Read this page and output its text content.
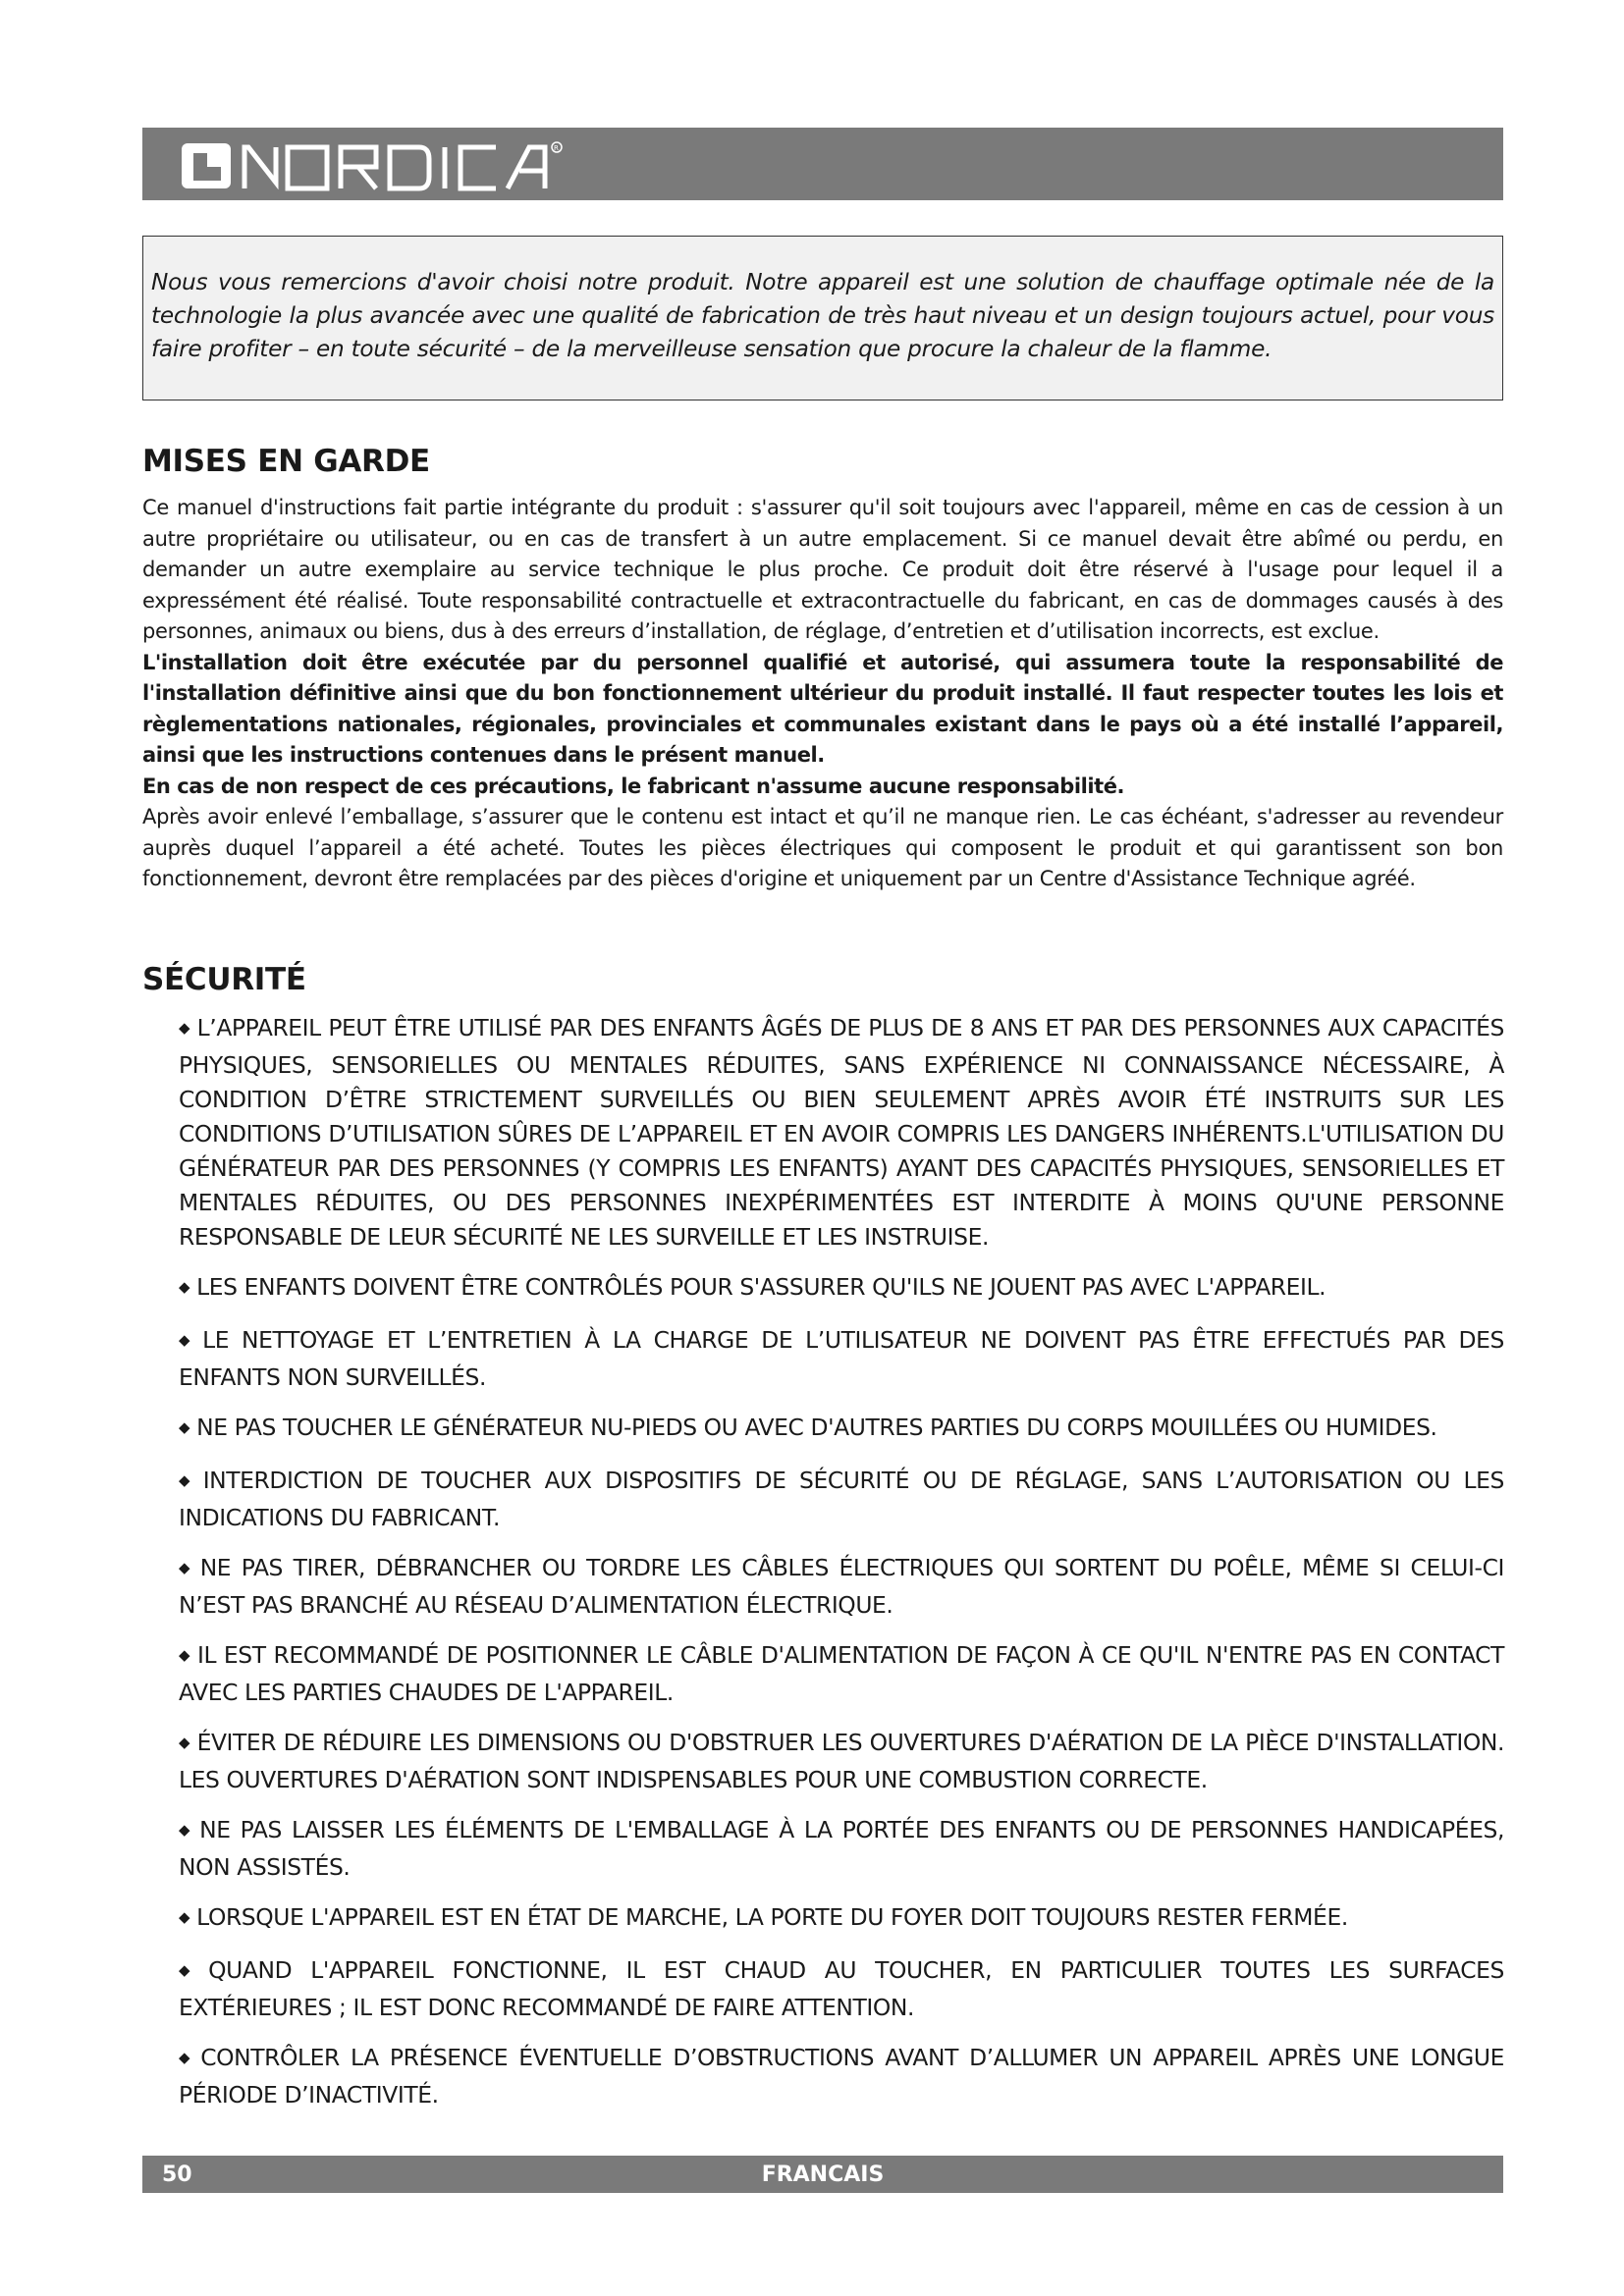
R

Nous vous remercions d'avoir choisi notre produit. Notre appareil est une solution de chauffage optimale née de la technologie la plus avancée avec une qualité de fabrication de très haut niveau et un design toujours actuel, pour vous faire profiter – en toute sécurité – de la merveilleuse sensation que procure la chaleur de la flamme.

MISES EN GARDE

Ce manuel d'instructions fait partie intégrante du produit : s'assurer qu'il soit toujours avec l'appareil, même en cas de cession à un autre propriétaire ou utilisateur, ou en cas de transfert à un autre emplacement. Si ce manuel devait être abîmé ou perdu, en demander un autre exemplaire au service technique le plus proche. Ce produit doit être réservé à l'usage pour lequel il a expressément été réalisé. Toute responsabilité contractuelle et extracontractuelle du fabricant, en cas de dommages causés à des personnes, animaux ou biens, dus à des erreurs d’installation, de réglage, d’entretien et d’utilisation incorrects, est exclue.

L'installation doit être exécutée par du personnel qualifié et autorisé, qui assumera toute la responsabilité de l'installation définitive ainsi que du bon fonctionnement ultérieur du produit installé. Il faut respecter toutes les lois et règlementations nationales, régionales, provinciales et communales existant dans le pays où a été installé l’appareil, ainsi que les instructions contenues dans le présent manuel.

En cas de non respect de ces précautions, le fabricant n'assume aucune responsabilité.

Après avoir enlevé l’emballage, s’assurer que le contenu est intact et qu’il ne manque rien. Le cas échéant, s'adresser au revendeur auprès duquel l’appareil a été acheté. Toutes les pièces électriques qui composent le produit et qui garantissent son bon fonctionnement, devront être remplacées par des pièces d'origine et uniquement par un Centre d'Assistance Technique agréé.

SÉCURITÉ
◆ L’APPAREIL PEUT ÊTRE UTILISÉ PAR DES ENFANTS ÂGÉS DE PLUS DE 8 ANS ET PAR DES PERSONNES AUX CAPACITÉS PHYSIQUES, SENSORIELLES OU MENTALES RÉDUITES, SANS EXPÉRIENCE NI CONNAISSANCE NÉCESSAIRE, À CONDITION D’ÊTRE STRICTEMENT SURVEILLÉS OU BIEN SEULEMENT APRÈS AVOIR ÉTÉ INSTRUITS SUR LES CONDITIONS D’UTILISATION SÛRES DE L’APPAREIL ET EN AVOIR COMPRIS LES DANGERS INHÉRENTS.L'UTILISATION DU GÉNÉRATEUR PAR DES PERSONNES (Y COMPRIS LES ENFANTS) AYANT DES CAPACITÉS PHYSIQUES, SENSORIELLES ET MENTALES RÉDUITES, OU DES PERSONNES INEXPÉRIMENTÉES EST INTERDITE À MOINS QU'UNE PERSONNE RESPONSABLE DE LEUR SÉCURITÉ NE LES SURVEILLE ET LES INSTRUISE.
◆ LES ENFANTS DOIVENT ÊTRE CONTRÔLÉS POUR S'ASSURER QU'ILS NE JOUENT PAS AVEC L'APPAREIL.
◆ LE NETTOYAGE ET L’ENTRETIEN À LA CHARGE DE L’UTILISATEUR NE DOIVENT PAS ÊTRE EFFECTUÉS PAR DES ENFANTS NON SURVEILLÉS.
◆ NE PAS TOUCHER LE GÉNÉRATEUR NU-PIEDS OU AVEC D'AUTRES PARTIES DU CORPS MOUILLÉES OU HUMIDES.
◆ INTERDICTION DE TOUCHER AUX DISPOSITIFS DE SÉCURITÉ OU DE RÉGLAGE, SANS L’AUTORISATION OU LES INDICATIONS DU FABRICANT.
◆ NE PAS TIRER, DÉBRANCHER OU TORDRE LES CÂBLES ÉLECTRIQUES QUI SORTENT DU POÊLE, MÊME SI CELUI-CI N’EST PAS BRANCHÉ AU RÉSEAU D’ALIMENTATION ÉLECTRIQUE.
◆ IL EST RECOMMANDÉ DE POSITIONNER LE CÂBLE D'ALIMENTATION DE FAÇON À CE QU'IL N'ENTRE PAS EN CONTACT AVEC LES PARTIES CHAUDES DE L'APPAREIL.
◆ ÉVITER DE RÉDUIRE LES DIMENSIONS OU D'OBSTRUER LES OUVERTURES D'AÉRATION DE LA PIÈCE D'INSTALLATION. LES OUVERTURES D'AÉRATION SONT INDISPENSABLES POUR UNE COMBUSTION CORRECTE.
◆ NE PAS LAISSER LES ÉLÉMENTS DE L'EMBALLAGE À LA PORTÉE DES ENFANTS OU DE PERSONNES HANDICAPÉES, NON ASSISTÉS.
◆ LORSQUE L'APPAREIL EST EN ÉTAT DE MARCHE, LA PORTE DU FOYER DOIT TOUJOURS RESTER FERMÉE.
◆ QUAND L'APPAREIL FONCTIONNE, IL EST CHAUD AU TOUCHER, EN PARTICULIER TOUTES LES SURFACES EXTÉRIEURES ; IL EST DONC RECOMMANDÉ DE FAIRE ATTENTION.
◆ CONTRÔLER LA PRÉSENCE ÉVENTUELLE D’OBSTRUCTIONS AVANT D’ALLUMER UN APPAREIL APRÈS UNE LONGUE PÉRIODE D’INACTIVITÉ.
50	FRANCAIS
